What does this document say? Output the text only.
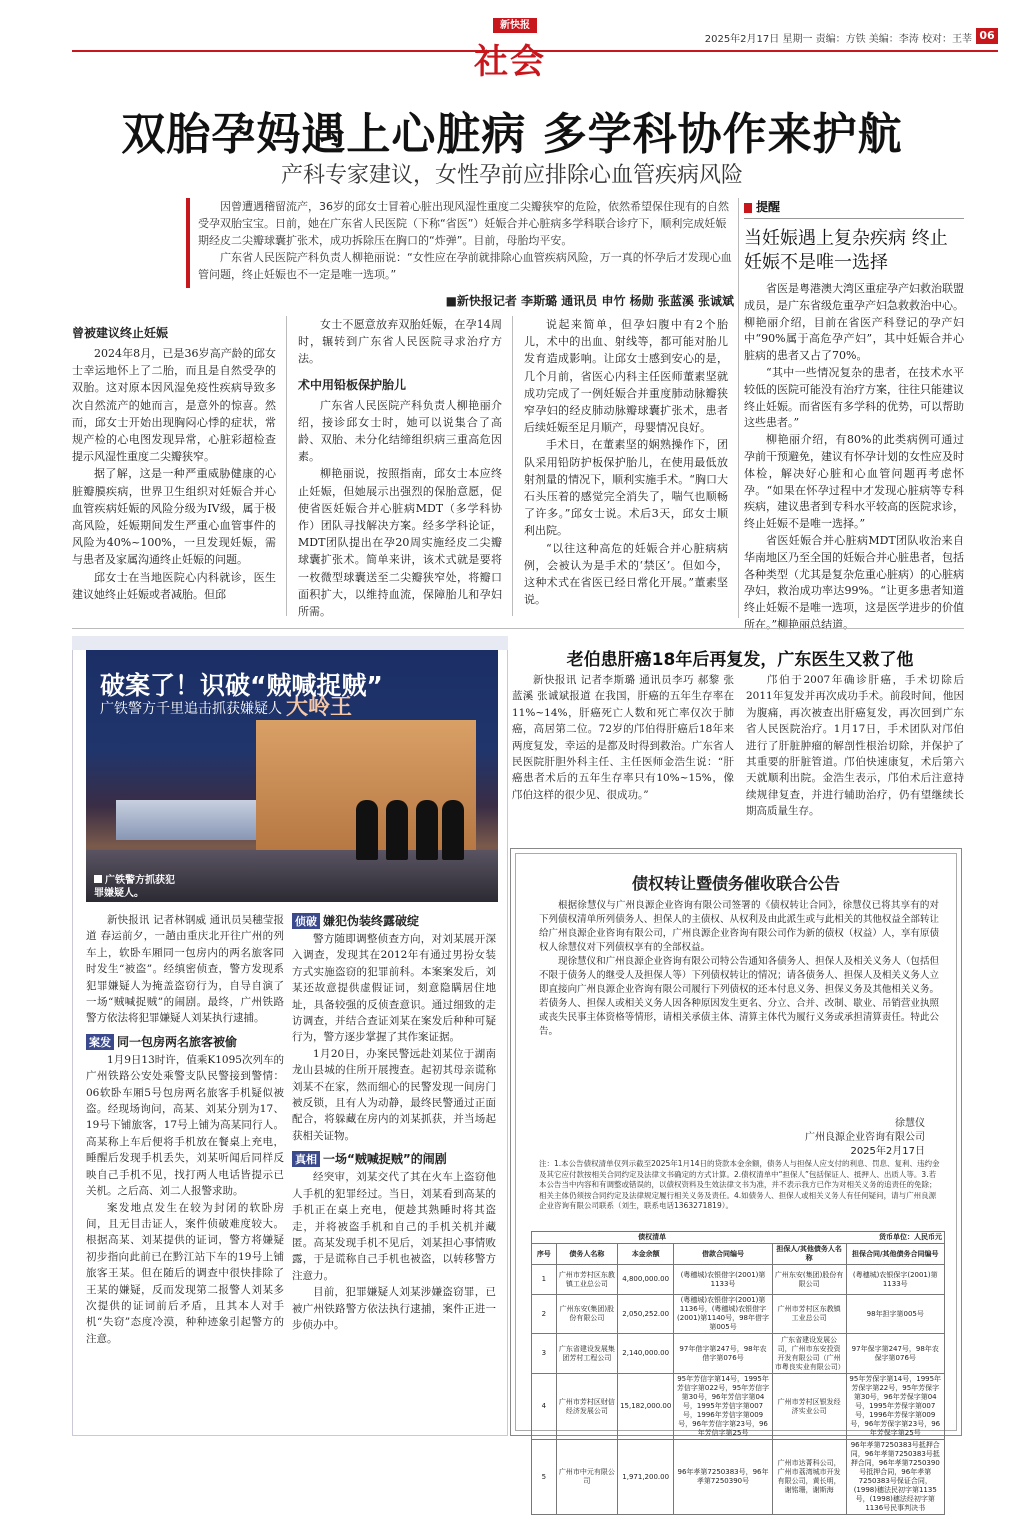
新快报
社会
2025年2月17日 星期一 责编：方铁 美编：李涛 校对：王莘 06
双胎孕妈遇上心脏病 多学科协作来护航
产科专家建议，女性孕前应排除心血管疾病风险

因曾遭遇稽留流产，36岁的邱女士冒着心脏出现风湿性重度二尖瓣狭窄的危险，依然希望保住现有的自然受孕双胎宝宝。日前，她在广东省人民医院（下称“省医”）妊娠合并心脏病多学科联合诊疗下，顺利完成妊娠期经皮二尖瓣球囊扩张术，成功拆除压在胸口的“炸弹”。目前，母胎均平安。

广东省人民医院产科负责人柳艳丽说：“女性应在孕前就排除心血管疾病风险，万一真的怀孕后才发现心血管问题，终止妊娠也不一定是唯一选项。”

■新快报记者 李斯璐 通讯员 申竹 杨勋 张蓝溪 张诚斌
曾被建议终止妊娠

2024年8月，已是36岁高产龄的邱女士幸运地怀上了二胎，而且是自然受孕的双胎。这对原本因风湿免疫性疾病导致多次自然流产的她而言，是意外的惊喜。然而，邱女士开始出现胸闷心悸的症状，常规产检的心电图发现异常，心脏彩超检查提示风湿性重度二尖瓣狭窄。

据了解，这是一种严重威胁健康的心脏瓣膜疾病，世界卫生组织对妊娠合并心血管疾病妊娠的风险分级为IV级，属于极高风险，妊娠期间发生严重心血管事件的风险为40%~100%，一旦发现妊娠，需与患者及家属沟通终止妊娠的问题。

邱女士在当地医院心内科就诊，医生建议她终止妊娠或者减胎。但邱

女士不愿意放弃双胎妊娠，在孕14周时，辗转到广东省人民医院寻求治疗方法。

术中用铅板保护胎儿

广东省人民医院产科负责人柳艳丽介绍，接诊邱女士时，她可以说集合了高龄、双胎、未分化结缔组织病三重高危因素。

柳艳丽说，按照指南，邱女士本应终止妊娠，但她展示出强烈的保胎意愿，促使省医妊娠合并心脏病MDT（多学科协作）团队寻找解决方案。经多学科论证，MDT团队提出在孕20周实施经皮二尖瓣球囊扩张术。简单来讲，该术式就是要将一枚微型球囊送至二尖瓣狭窄处，将瓣口面积扩大，以维持血流，保障胎儿和孕妇所需。

说起来简单，但孕妇腹中有2个胎儿，术中的出血、射线等，都可能对胎儿发育造成影响。让邱女士感到安心的是，几个月前，省医心内科主任医师董素坚就成功完成了一例妊娠合并重度肺动脉瓣狭窄孕妇的经皮肺动脉瓣球囊扩张术，患者后续妊娠至足月顺产，母婴情况良好。

手术日，在董素坚的娴熟操作下，团队采用铅防护板保护胎儿，在使用最低放射剂量的情况下，顺利实施手术。“胸口大石头压着的感觉完全消失了，喘气也顺畅了许多。”邱女士说。术后3天，邱女士顺利出院。

“以往这种高危的妊娠合并心脏病病例，会被认为是手术的‘禁区’。但如今，这种术式在省医已经日常化开展。”董素坚说。

提醒
当妊娠遇上复杂疾病 终止妊娠不是唯一选择

省医是粤港澳大湾区重症孕产妇救治联盟成员，是广东省级危重孕产妇急救救治中心。柳艳丽介绍，目前在省医产科登记的孕产妇中“90%属于高危孕产妇”，其中妊娠合并心脏病的患者又占了70%。

“其中一些情况复杂的患者，在技术水平较低的医院可能没有治疗方案，往往只能建议终止妊娠。而省医有多学科的优势，可以帮助这些患者。”

柳艳丽介绍，有80%的此类病例可通过孕前干预避免，建议有怀孕计划的女性应及时体检，解决好心脏和心血管问题再考虑怀孕。“如果在怀孕过程中才发现心脏病等专科疾病，建议患者到专科水平较高的医院求诊，终止妊娠不是唯一选择。”

省医妊娠合并心脏病MDT团队收治来自华南地区乃至全国的妊娠合并心脏患者，包括各种类型（尤其是复杂危重心脏病）的心脏病孕妇，救治成功率达99%。“让更多患者知道终止妊娠不是唯一选项，这是医学进步的价值所在。”柳艳丽总结道。

大岭王
破案了！识破“贼喊捉贼”
广铁警方千里追击抓获嫌疑人
广铁警方抓获犯罪嫌疑人。

新快报讯 记者林钢威 通讯员吴穗莹报道 春运前夕，一趟由重庆北开往广州的列车上，软卧车厢同一包房内的两名旅客同时发生“被盗”。经缜密侦查，警方发现系犯罪嫌疑人为掩盖盗窃行为，自导自演了一场“贼喊捉贼”的闹剧。最终，广州铁路警方依法将犯罪嫌疑人刘某执行逮捕。

案发 同一包房两名旅客被偷

1月9日13时许，值乘K1095次列车的广州铁路公安处乘警支队民警接到警情：06软卧车厢5号包房两名旅客手机疑似被盗。经现场询问，高某、刘某分别为17、19号下铺旅客，17号上铺为高某同行人。高某称上车后便将手机放在餐桌上充电，睡醒后发现手机丢失，刘某听闻后同样反映自己手机不见，找打两人电话皆提示已关机。之后高、刘二人报警求助。

案发地点发生在较为封闭的软卧房间，且无目击证人，案件侦破难度较大。根据高某、刘某提供的证词，警方将嫌疑初步指向此前已在黔江站下车的19号上铺旅客王某。但在随后的调查中很快排除了王某的嫌疑，反而发现第二报警人刘某多次提供的证词前后矛盾，且其本人对手机“失窃”态度冷漠，种种迹象引起警方的注意。

侦破 嫌犯伪装终露破绽

警方随即调整侦查方向，对刘某展开深入调查，发现其在2012年有通过男扮女装方式实施盗窃的犯罪前科。本案案发后，刘某还故意提供虚假证词，刻意隐瞒居住地址，具备较强的反侦查意识。通过细致的走访调查，并结合查证刘某在案发后种种可疑行为，警方逐步掌握了其作案证据。

1月20日，办案民警远赴刘某位于湖南龙山县城的住所开展搜查。起初其母亲谎称刘某不在家，然而细心的民警发现一间房门被反锁，且有人为动静，最终民警通过正面配合，将躲藏在房内的刘某抓获，并当场起获相关证物。

真相 一场“贼喊捉贼”的闹剧

经突审，刘某交代了其在火车上盗窃他人手机的犯罪经过。当日，刘某看到高某的手机正在桌上充电，便趁其熟睡时将其盗走，并将被盗手机和自己的手机关机并藏匿。高某发现手机不见后，刘某担心事情败露，于是谎称自己手机也被盗，以转移警方注意力。

目前，犯罪嫌疑人刘某涉嫌盗窃罪，已被广州铁路警方依法执行逮捕，案件正进一步侦办中。

老伯患肝癌18年后再复发，广东医生又救了他

新快报讯 记者李斯璐 通讯员李巧 郝黎 张蓝溪 张诚斌报道 在我国，肝癌的五年生存率在11%~14%，肝癌死亡人数和死亡率仅次于肺癌，高居第二位。72岁的邝伯得肝癌后18年来两度复发，幸运的是都及时得到救治。广东省人民医院肝胆外科主任、主任医师金浩生说：“肝癌患者术后的五年生存率只有10%~15%，像邝伯这样的很少见、很成功。”

邝伯于2007年确诊肝癌，手术切除后2011年复发并再次成功手术。前段时间，他因为腹痛，再次被查出肝癌复发，再次回到广东省人民医院治疗。1月17日，手术团队对邝伯进行了肝脏肿瘤的解剖性根治切除，并保护了其重要的肝脏管道。邝伯快速康复，术后第六天就顺利出院。金浩生表示，邝伯术后注意持续规律复查，并进行辅助治疗，仍有望继续长期高质量生存。

债权转让暨债务催收联合公告

根据徐慧仪与广州良源企业咨询有限公司签署的《债权转让合同》，徐慧仪已将其享有的对下列债权清单所列债务人、担保人的主债权、从权利及由此派生或与此相关的其他权益全部转让给广州良源企业咨询有限公司，广州良源企业咨询有限公司作为新的债权（权益）人，享有原债权人徐慧仪对下列债权享有的全部权益。

现徐慧仪和广州良源企业咨询有限公司特公告通知各债务人、担保人及相关义务人（包括但不限于债务人的继受人及担保人等）下列债权转让的情况；请各债务人、担保人及相关义务人立即直接向广州良源企业咨询有限公司履行下列债权的还本付息义务、担保义务及其他相关义务。若债务人、担保人或相关义务人因各种原因发生更名、分立、合并、改制、歇业、吊销营业执照或丧失民事主体资格等情形，请相关承债主体、清算主体代为履行义务或承担清算责任。特此公告。

徐慧仪
广州良源企业咨询有限公司
2025年2月17日
注：1.本公告债权清单仅列示截至2025年1月14日的贷款本金余额，债务人与担保人应支付的利息、罚息、复利、违约金及其它应付款按相关合同约定及法律文书确定的方式计算。2.债权清单中“担保人”包括保证人、抵押人、出质人等。3.若本公告当中内容和有调整或错误的，以债权资料及生效法律文书为准，并不表示我方已作为对相关义务的追责任的免除；相关主体仍须按合同约定及法律规定履行相关义务及责任。4.如债务人、担保人或相关义务人有任何疑问，请与广州良源企业咨询有限公司联系（刘生，联系电话1363271819）。
债权清单				货币单位：人民币元	
序号	债务人名称	本金余额	借款合同编号	担保人/其他债务人名称	担保合同/其他债务合同编号
1	广州市芳村区东教镇工业总公司	4,800,000.00	(粤穗城)农银借字(2001)第1133号	广州东安(集团)股份有限公司	(粤穗城)农银保字(2001)第1133号
2	广州东安(集团)股份有限公司	2,050,252.00	(粤穗城)农银借字(2001)第1136号，(粤穗城)农银借字(2001)第1140号，98年借字第005号	广州市芳村区东教镇工业总公司	98年担字第005号
3	广东省建设发展集团芳村工程公司	2,140,000.00	97年借字第247号，98年农借字第076号	广东省建设发展公司，广州市东安投资开发有限公司（广州市粤良实业有限公司）	97年保字第247号，98年农保字第076号
4	广州市芳村区财信经济发展公司	15,182,000.00	95年芳信字第14号，1995年芳信字第022号，95年芳信字第30号，96年芳信字第04号，1995年芳信字第007号，1996年芳信字第009号，96年芳信字第23号，96年芳信字第25号	广州市芳村区银发经济实业公司	95年芳保字第14号，1995年芳保字第22号，95年芳保字第30号，96年芳保字第04号，1995年芳保字第007号，1996年芳保字第009号，96年芳保字第23号，96年芳保字第25号
5	广州市中元有限公司	1,971,200.00	96年孝第7250383号，96年孝第7250390号	广州市达菁科公司，广州市荔湾城市开发有限公司，黄长明，谢铭珊，谢斯海	96年孝第7250383号抵押合同，96年孝第7250383号抵押合同，96年孝第7250390号抵押合同，96年孝第7250383号保证合同，(1998)穗法民初字第1135号，(1998)穗法经初字第1136号民事判决书
